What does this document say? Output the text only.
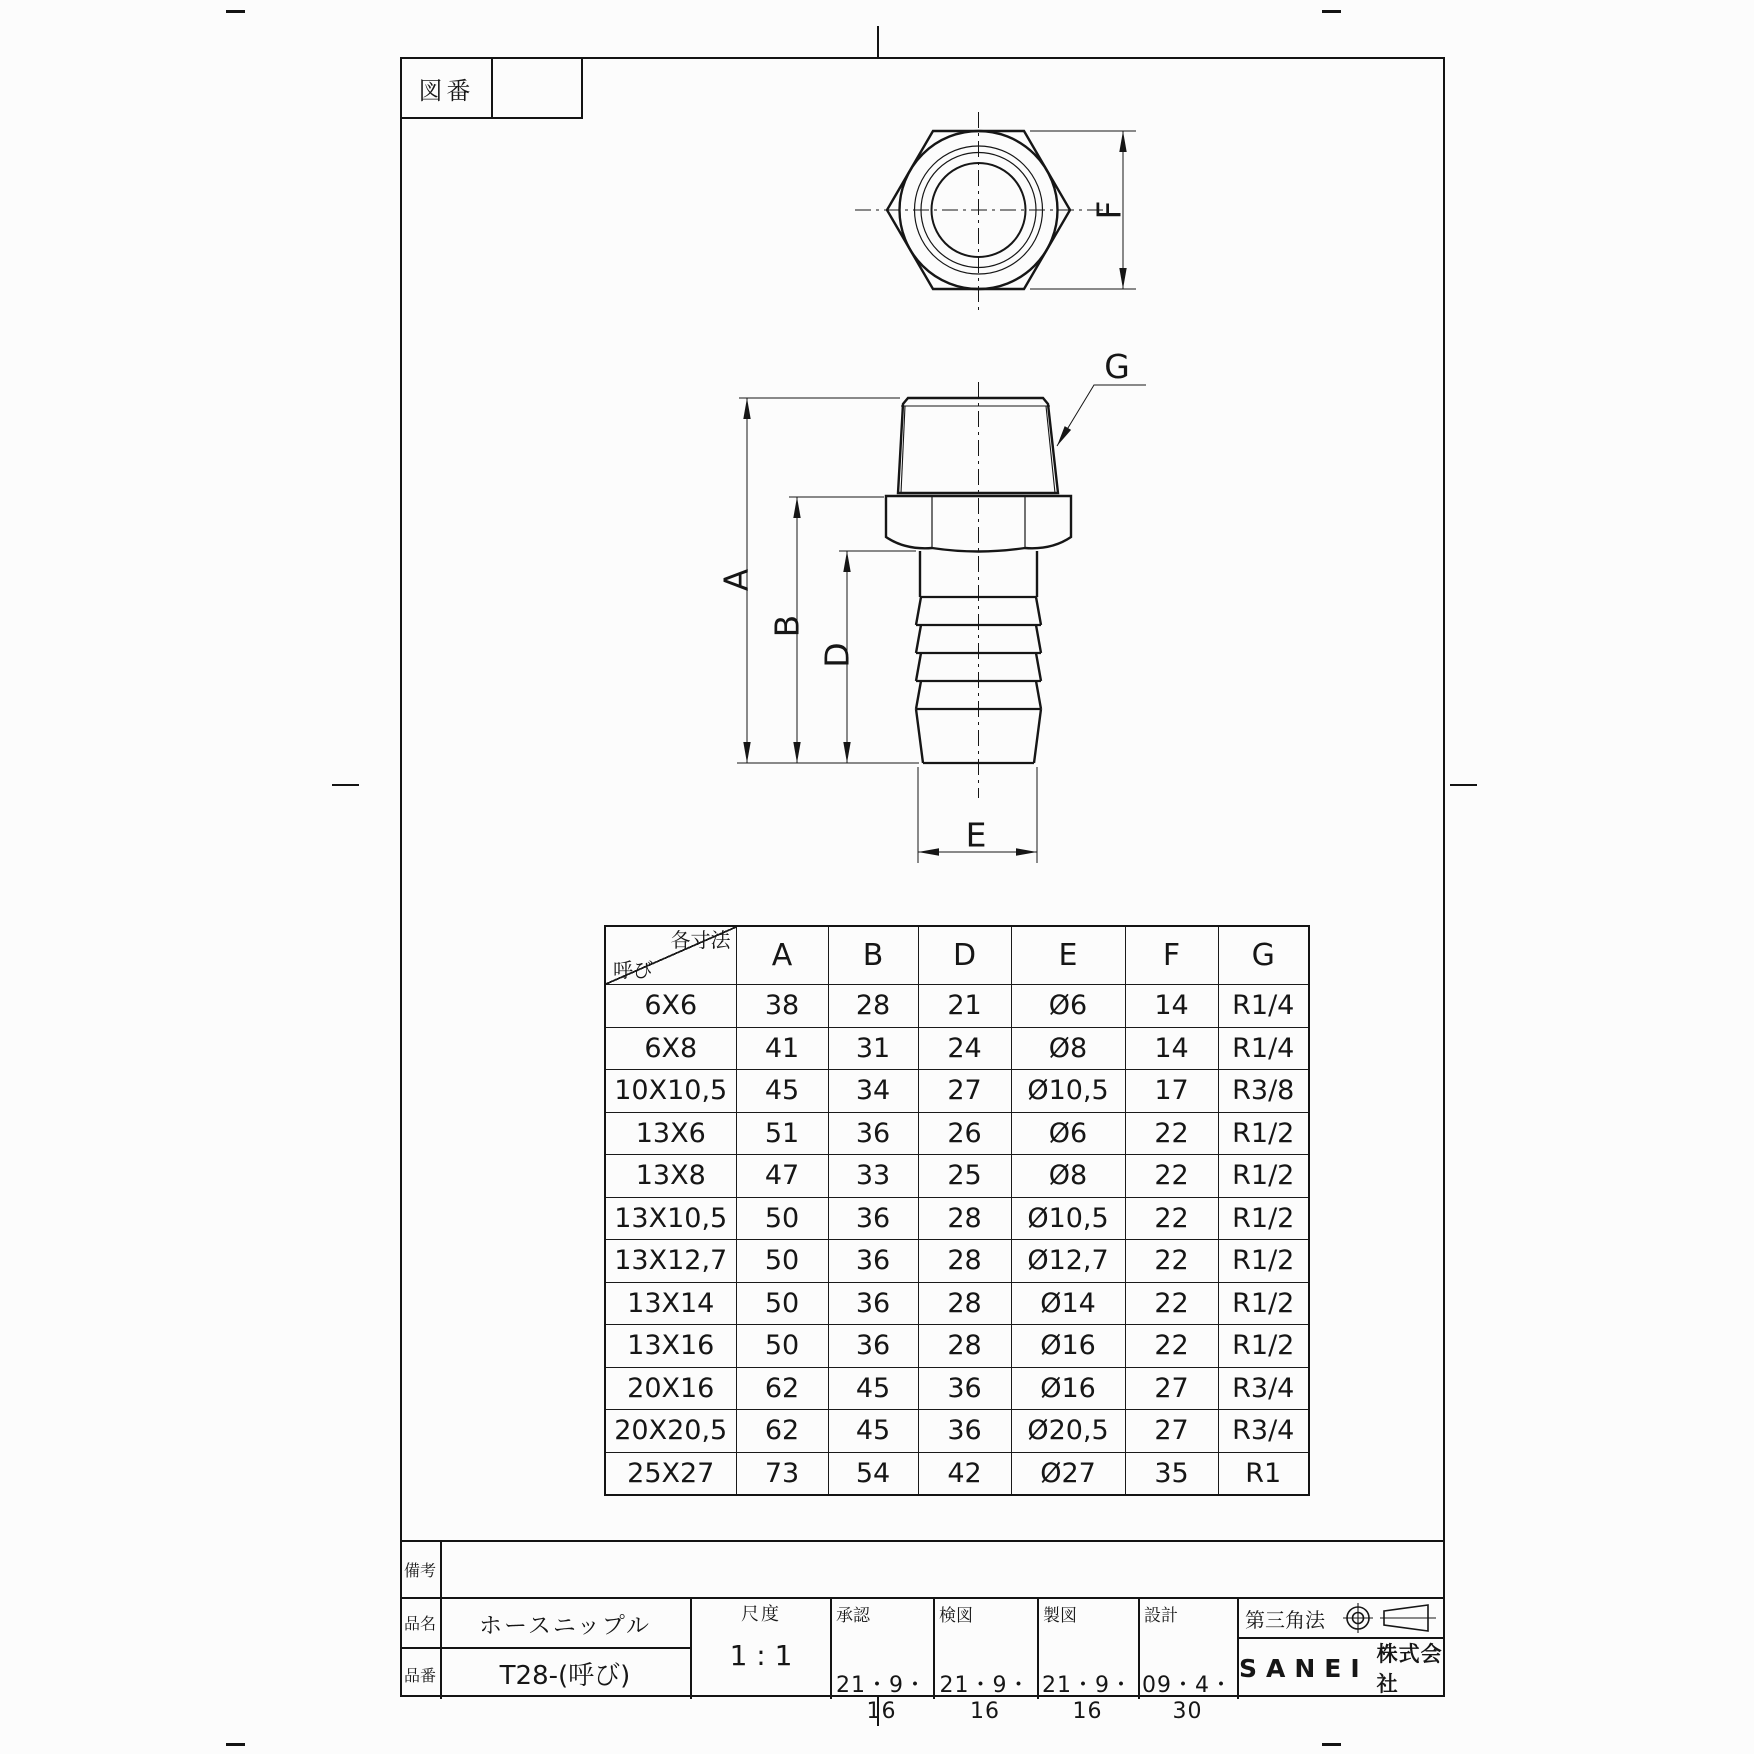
図番
A
B
D
E
F
G
各寸法
呼び	A	B	D	E	F	G
6X6	38	28	21	Ø6	14	R1/4
6X8	41	31	24	Ø8	14	R1/4
10X10,5	45	34	27	Ø10,5	17	R3/8
13X6	51	36	26	Ø6	22	R1/2
13X8	47	33	25	Ø8	22	R1/2
13X10,5	50	36	28	Ø10,5	22	R1/2
13X12,7	50	36	28	Ø12,7	22	R1/2
13X14	50	36	28	Ø14	22	R1/2
13X16	50	36	28	Ø16	22	R1/2
20X16	62	45	36	Ø16	27	R3/4
20X20,5	62	45	36	Ø20,5	27	R3/4
25X27	73	54	42	Ø27	35	R1
備考
品名	ホースニップル
品番	T28-(呼び)
尺度
1 : 1
承認
21・9・16
検図
21・9・16
製図
21・9・16
設計
09・4・30
第三角法
SANEI 株式会社
